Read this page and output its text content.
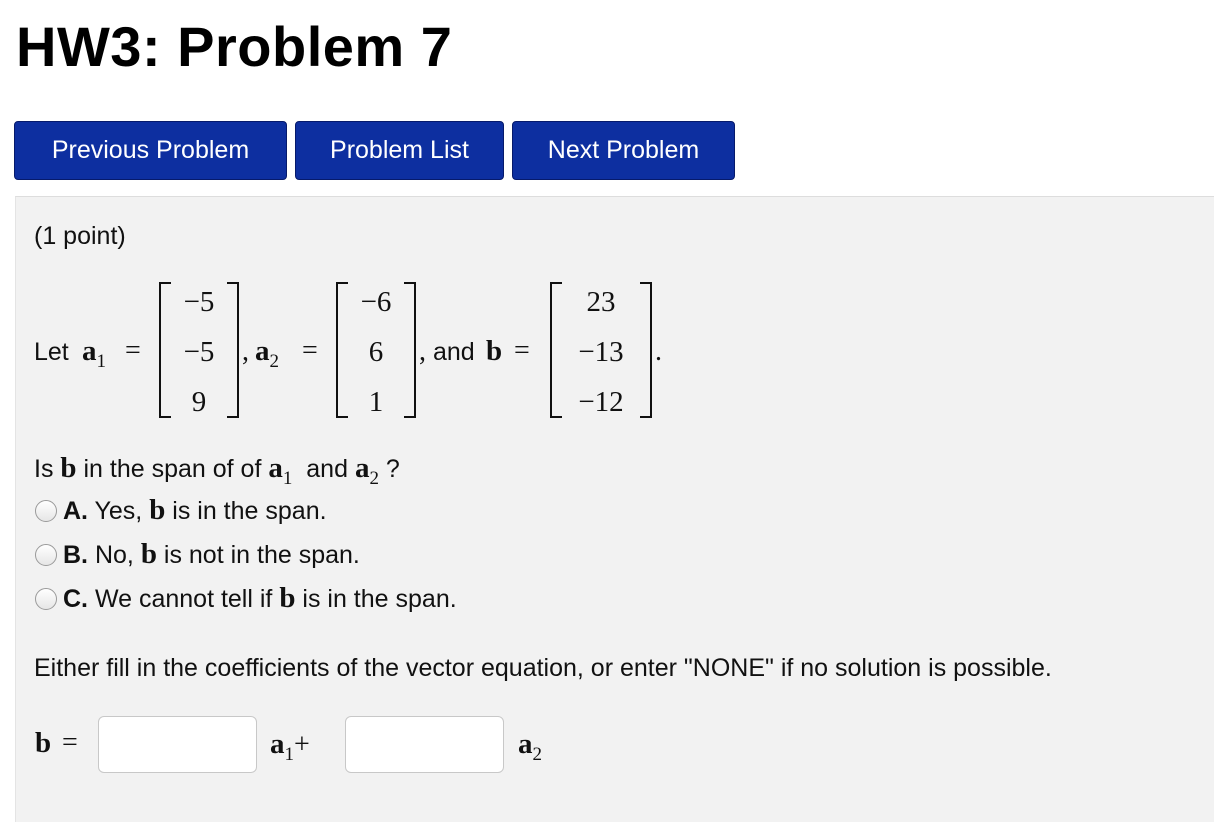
HW3: Problem 7
Previous Problem	Problem List	Next Problem
(1 point)
Let $a_1$ =
−5
−5
9
, $a_2$ =
−6
6
1
, and b =
23
−13
−12
.
Is b in the span of of $a_1$ and $a_2$ ?
A. Yes, b is in the span.
B. No, b is not in the span.
C. We cannot tell if b is in the span.
Either fill in the coefficients of the vector equation, or enter "NONE" if no solution is possible.
b =	$a_1+$	$a_2$
